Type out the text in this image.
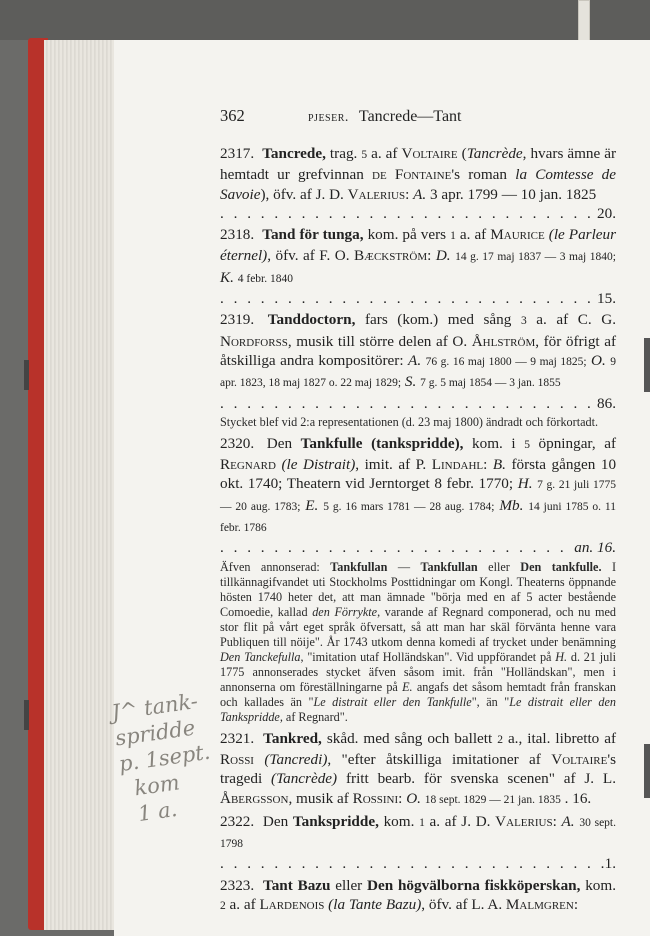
J^ tank-
spridde
p. 1sept.
kom
1 a.
362	pjeser. Tancrede—Tant
2317. Tancrede, trag. 5 a. af Voltaire (Tancrède, hvars ämne är hemtadt ur grefvinnan de Fontaine's roman la Comtesse de Savoie), öfv. af J. D. Valerius: A. 3 apr. 1799 — 10 jan. 1825
. . .
20.
2318. Tand för tunga, kom. på vers 1 a. af Maurice (le Parleur éternel), öfv. af F. O. Bæckström: D. 14 g. 17 maj 1837 — 3 maj 1840; K. 4 febr. 1840
. . .
15.
2319. Tanddoctorn, fars (kom.) med sång 3 a. af C. G. Nordforss, musik till större delen af O. Åhlström, för öfrigt af åtskilliga andra kompositörer: A. 76 g. 16 maj 1800 — 9 maj 1825; O. 9 apr. 1823, 18 maj 1827 o. 22 maj 1829; S. 7 g. 5 maj 1854 — 3 jan. 1855
. . .
86.
Stycket blef vid 2:a representationen (d. 23 maj 1800) ändradt och förkortadt.
2320. Den Tankfulle (tankspridde), kom. i 5 öpningar, af Regnard (le Distrait), imit. af P. Lindahl: B. första gången 10 okt. 1740; Theatern vid Jerntorget 8 febr. 1770; H. 7 g. 21 juli 1775 — 20 aug. 1783; E. 5 g. 16 mars 1781 — 28 aug. 1784; Mb. 14 juni 1785 o. 11 febr. 1786
. . .
an. 16.
Äfven annonserad: Tankfullan — Tankfullan eller Den tankfulle. I tillkännagifvandet uti Stockholms Posttidningar om Kongl. Theaterns öppnande hösten 1740 heter det, att man ämnade "börja med en af 5 acter bestående Comoedie, kallad den Förrykte, varande af Regnard componerad, och nu med stor flit på vårt eget språk öfversatt, så att man har skäl förvänta henne vara Publiquen till nöije". År 1743 utkom denna komedi af trycket under benämning Den Tanckefulla, "imitation utaf Holländskan". Vid uppförandet på H. d. 21 juli 1775 annonserades stycket äfven såsom imit. från "Holländskan", men i annonserna om föreställningarne på E. angafs det såsom hemtadt från franskan och kallades än "Le distrait eller den Tankfulle", än "Le distrait eller den Tankspridde, af Regnard".
2321. Tankred, skåd. med sång och ballett 2 a., ital. libretto af Rossi (Tancredi), "efter åtskilliga imitationer af Voltaire's tragedi (Tancrède) fritt bearb. för svenska scenen" af J. L. Åbergsson, musik af Rossini: O. 18 sept. 1829 — 21 jan. 1835 . 16.
2322. Den Tankspridde, kom. 1 a. af J. D. Valerius: A. 30 sept. 1798
. . .
1.
2323. Tant Bazu eller Den högvälborna fiskköperskan, kom. 2 a. af Lardenois (la Tante Bazu), öfv. af L. A. Malmgren:
